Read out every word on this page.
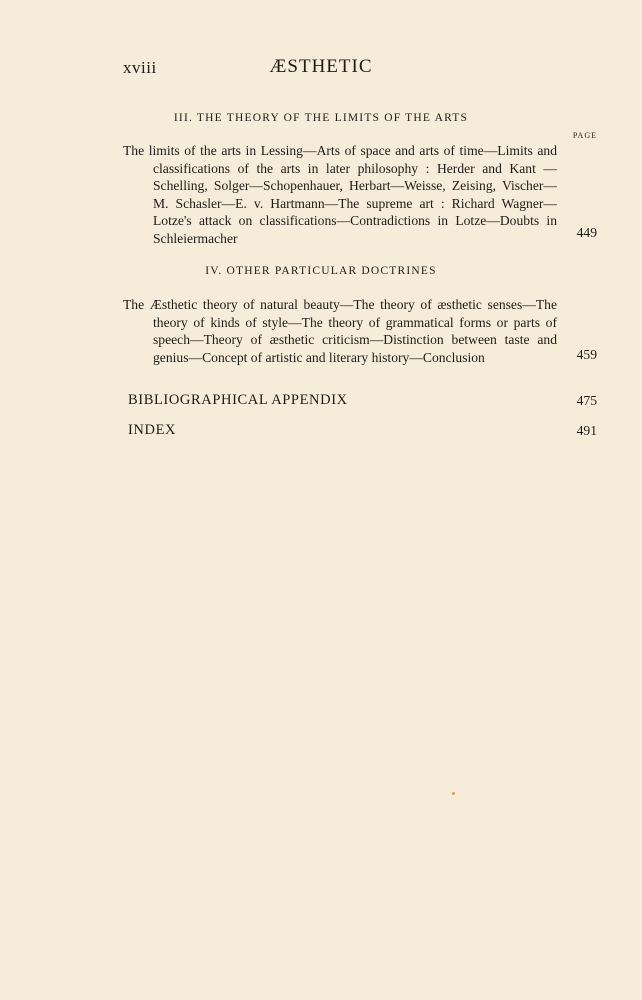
xviii	ÆSTHETIC
III. THE THEORY OF THE LIMITS OF THE ARTS
PAGE
The limits of the arts in Lessing—Arts of space and arts of time—Limits and classifications of the arts in later philosophy : Herder and Kant —Schelling, Solger—Schopenhauer, Herbart—Weisse, Zeising, Vischer—M. Schasler—E. v. Hartmann—The supreme art : Richard Wagner—Lotze's attack on classifications—Contradictions in Lotze—Doubts in Schleiermacher	449
IV. OTHER PARTICULAR DOCTRINES
The Æsthetic theory of natural beauty—The theory of æsthetic senses—The theory of kinds of style—The theory of grammatical forms or parts of speech—Theory of æsthetic criticism—Distinction between taste and genius—Concept of artistic and literary history—Conclusion	459
BIBLIOGRAPHICAL APPENDIX	475
INDEX	491
